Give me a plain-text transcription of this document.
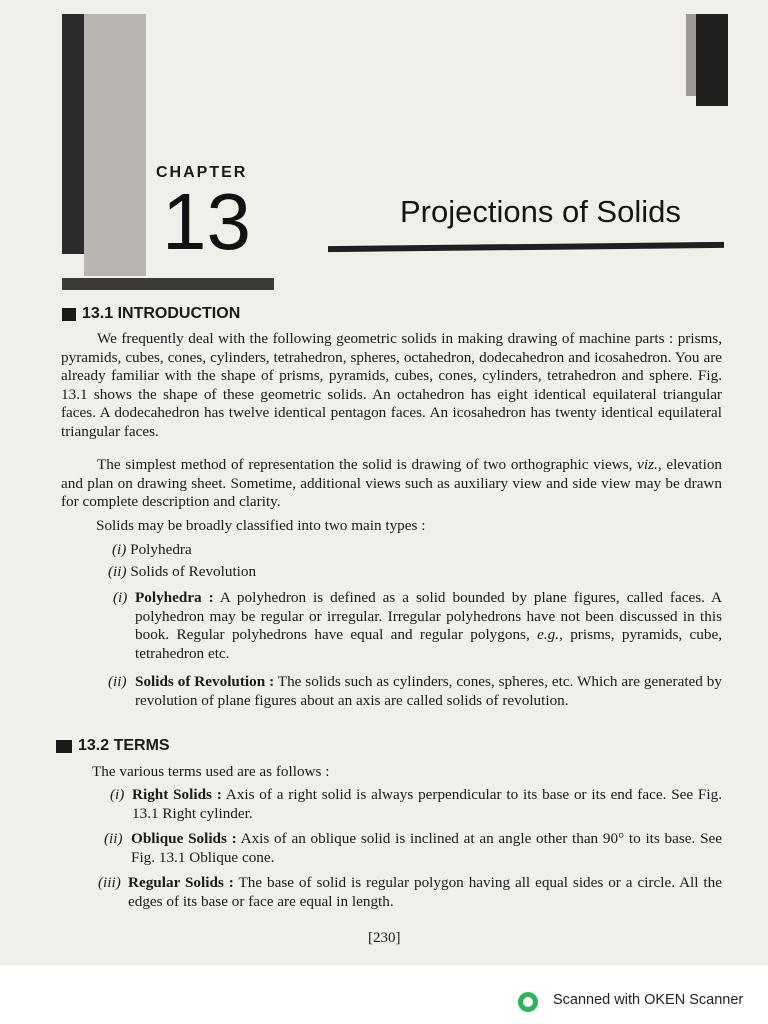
CHAPTER
13	Projections of Solids
13.1 INTRODUCTION
We frequently deal with the following geometric solids in making drawing of machine parts : prisms, pyramids, cubes, cones, cylinders, tetrahedron, spheres, octahedron, dodecahedron and icosahedron. You are already familiar with the shape of prisms, pyramids, cubes, cones, cylinders, tetrahedron and sphere. Fig. 13.1 shows the shape of these geometric solids. An octahedron has eight identical equilateral triangular faces. A dodecahedron has twelve identical pentagon faces. An icosahedron has twenty identical equilateral triangular faces.
The simplest method of representation the solid is drawing of two orthographic views, viz., elevation and plan on drawing sheet. Sometime, additional views such as auxiliary view and side view may be drawn for complete description and clarity.
Solids may be broadly classified into two main types :
(i) Polyhedra
(ii) Solids of Revolution
(i) Polyhedra : A polyhedron is defined as a solid bounded by plane figures, called faces. A polyhedron may be regular or irregular. Irregular polyhedrons have not been discussed in this book. Regular polyhedrons have equal and regular polygons, e.g., prisms, pyramids, cube, tetrahedron etc.
(ii) Solids of Revolution : The solids such as cylinders, cones, spheres, etc. Which are generated by revolution of plane figures about an axis are called solids of revolution.
13.2 TERMS
The various terms used are as follows :
(i) Right Solids : Axis of a right solid is always perpendicular to its base or its end face. See Fig. 13.1 Right cylinder.
(ii) Oblique Solids : Axis of an oblique solid is inclined at an angle other than 90° to its base. See Fig. 13.1 Oblique cone.
(iii) Regular Solids : The base of solid is regular polygon having all equal sides or a circle. All the edges of its base or face are equal in length.
[230]
Scanned with OKEN Scanner
